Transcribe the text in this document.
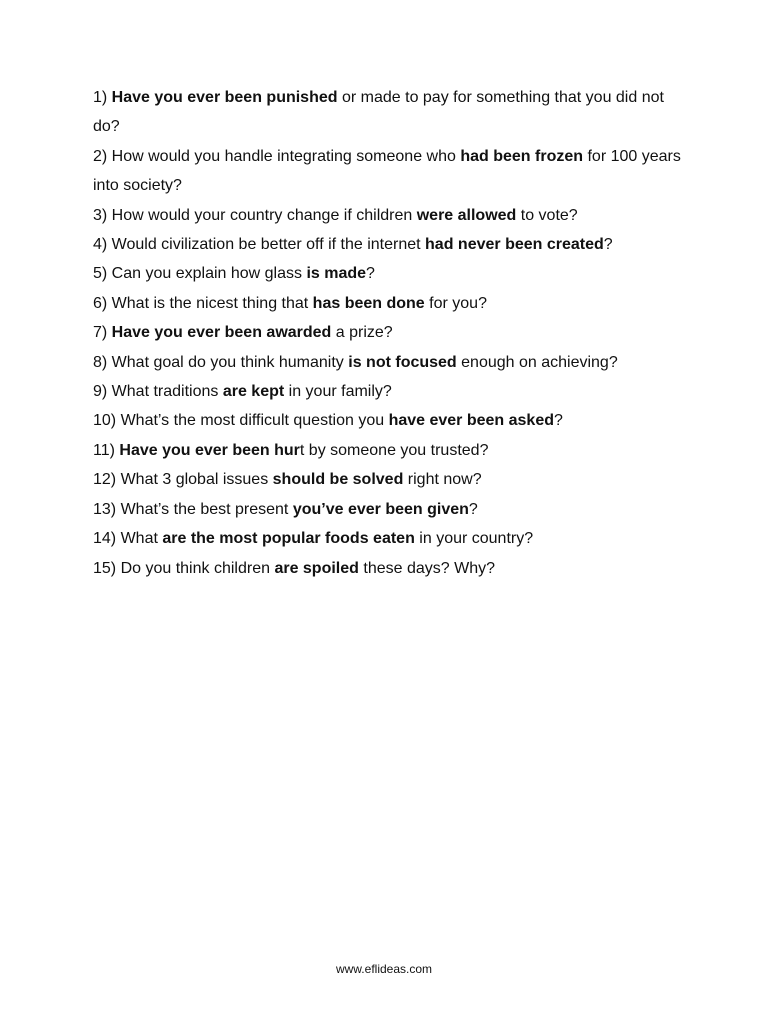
1) Have you ever been punished or made to pay for something that you did not do?

2) How would you handle integrating someone who had been frozen for 100 years into society?

3) How would your country change if children were allowed to vote?

4) Would civilization be better off if the internet had never been created?

5) Can you explain how glass is made?

6) What is the nicest thing that has been done for you?

7) Have you ever been awarded a prize?

8) What goal do you think humanity is not focused enough on achieving?

9) What traditions are kept in your family?

10) What’s the most difficult question you have ever been asked?

11) Have you ever been hurt by someone you trusted?

12) What 3 global issues should be solved right now?

13) What’s the best present you’ve ever been given?

14) What are the most popular foods eaten in your country?

15) Do you think children are spoiled these days? Why?

www.eflideas.com
